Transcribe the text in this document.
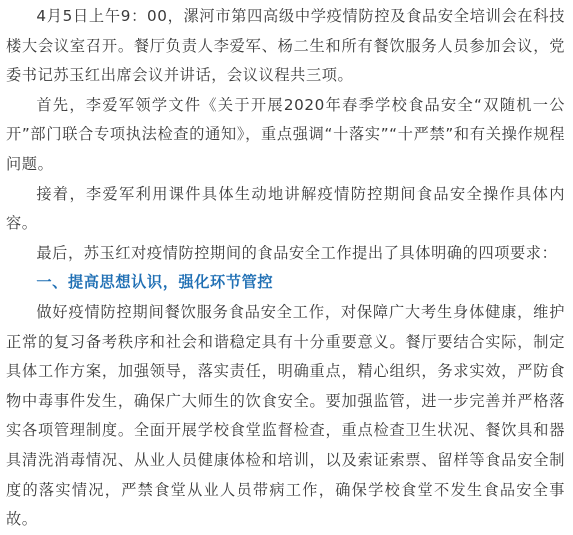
4月5日上午9：00，漯河市第四高级中学疫情防控及食品安全培训会在科技楼大会议室召开。餐厅负责人李爱军、杨二生和所有餐饮服务人员参加会议，党委书记苏玉红出席会议并讲话，会议议程共三项。

首先，李爱军领学文件《关于开展2020年春季学校食品安全“双随机一公开”部门联合专项执法检查的通知》，重点强调“十落实”“十严禁”和有关操作规程问题。

接着，李爱军利用课件具体生动地讲解疫情防控期间食品安全操作具体内容。

最后，苏玉红对疫情防控期间的食品安全工作提出了具体明确的四项要求：

一、提高思想认识，强化环节管控

做好疫情防控期间餐饮服务食品安全工作，对保障广大考生身体健康，维护正常的复习备考秩序和社会和谐稳定具有十分重要意义。餐厅要结合实际，制定具体工作方案，加强领导，落实责任，明确重点，精心组织，务求实效，严防食物中毒事件发生，确保广大师生的饮食安全。要加强监管，进一步完善并严格落实各项管理制度。全面开展学校食堂监督检查，重点检查卫生状况、餐饮具和器具清洗消毒情况、从业人员健康体检和培训，以及索证索票、留样等食品安全制度的落实情况，严禁食堂从业人员带病工作，确保学校食堂不发生食品安全事故。
